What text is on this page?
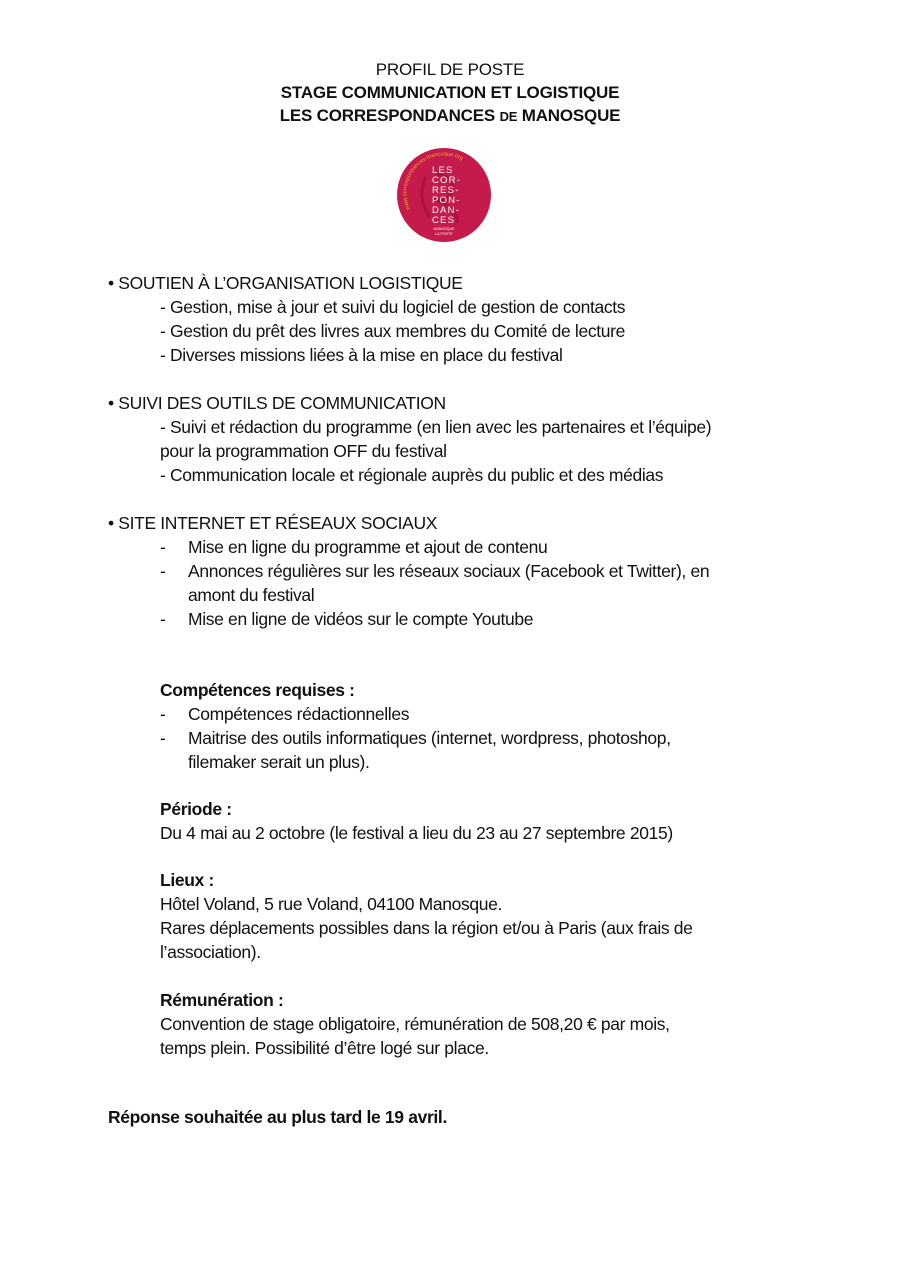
PROFIL DE POSTE
STAGE COMMUNICATION ET LOGISTIQUE
LES CORRESPONDANCES DE MANOSQUE
www.correspondances-manosque.org
LES
COR-
RES-
PON-
DAN-
CES
MANOSQUE
LA POSTE
• SOUTIEN À L’ORGANISATION LOGISTIQUE
- Gestion, mise à jour et suivi du logiciel de gestion de contacts
- Gestion du prêt des livres aux membres du Comité de lecture
- Diverses missions liées à la mise en place du festival
• SUIVI DES OUTILS DE COMMUNICATION
- Suivi et rédaction du programme (en lien avec les partenaires et l’équipe)
pour la programmation OFF du festival
- Communication locale et régionale auprès du public et des médias
• SITE INTERNET ET RÉSEAUX SOCIAUX
- Mise en ligne du programme et ajout de contenu
- Annonces régulières sur les réseaux sociaux (Facebook et Twitter), en
amont du festival
- Mise en ligne de vidéos sur le compte Youtube
Compétences requises :
- Compétences rédactionnelles
- Maitrise des outils informatiques (internet, wordpress, photoshop,
filemaker serait un plus).
Période :
Du 4 mai au 2 octobre (le festival a lieu du 23 au 27 septembre 2015)
Lieux :
Hôtel Voland, 5 rue Voland, 04100 Manosque.
Rares déplacements possibles dans la région et/ou à Paris (aux frais de
l’association).
Rémunération :
Convention de stage obligatoire, rémunération de 508,20 € par mois,
temps plein. Possibilité d’être logé sur place.
Réponse souhaitée au plus tard le 19 avril.
